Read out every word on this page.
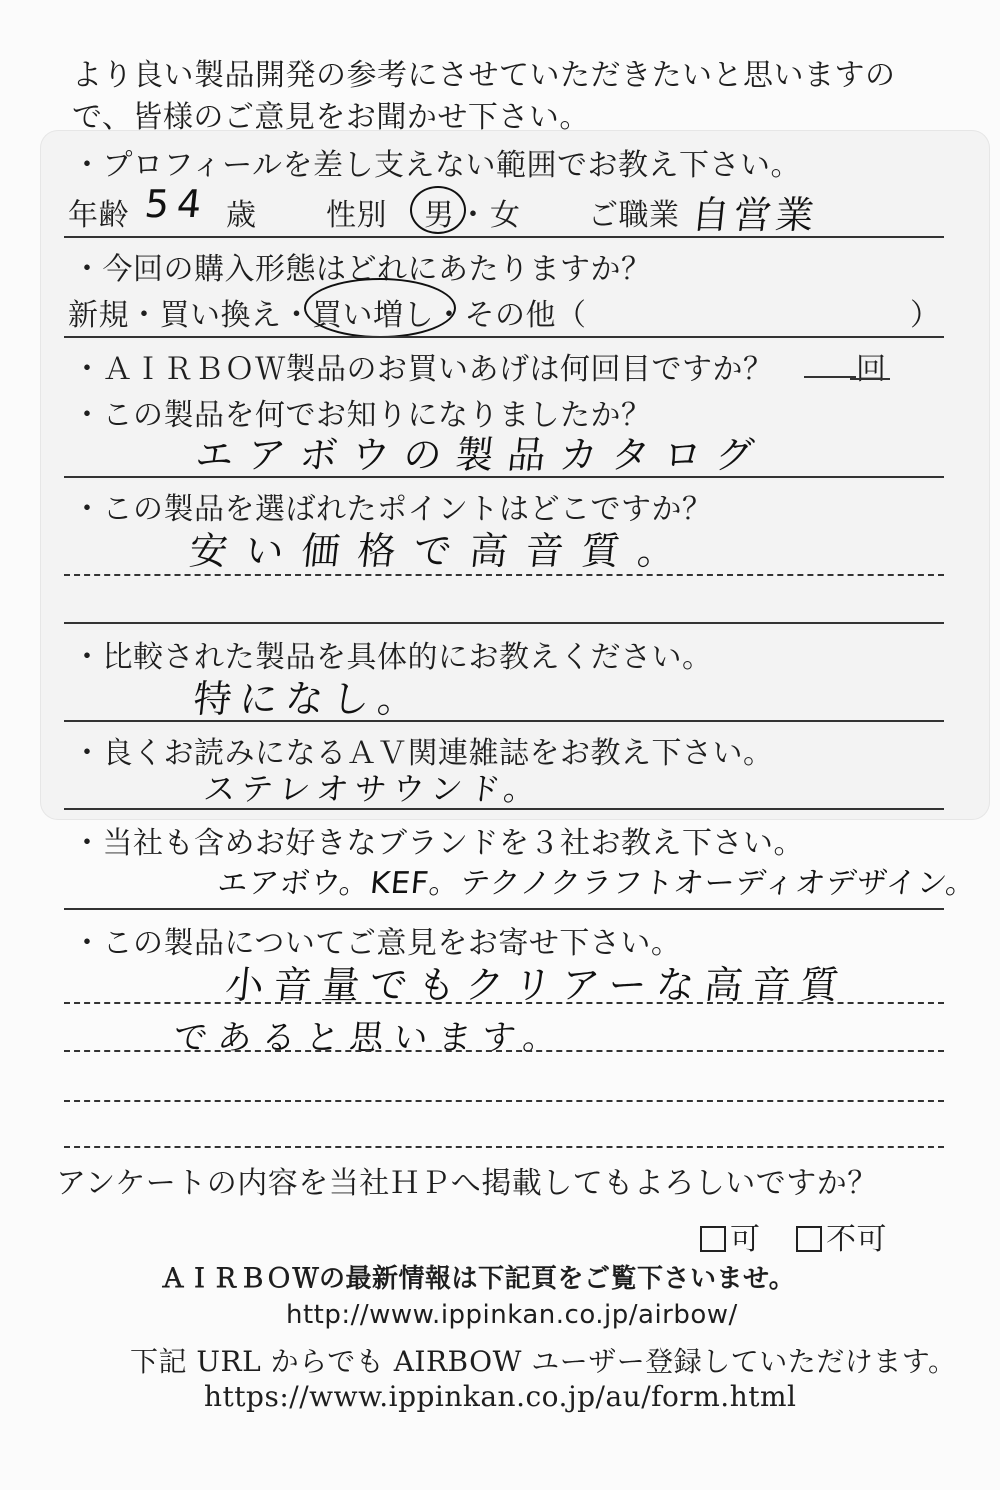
より良い製品開発の参考にさせていただきたいと思いますの
で、皆様のご意見をお聞かせ下さい。
・プロフィールを差し支えない範囲でお教え下さい。
年齢 54 歳 性別 男 ・ 女 ご職業 自営業
・今回の購入形態はどれにあたりますか？
新規・買い換え・買い増し・その他（	）
・ＡＩＲＢＯＷ製品のお買いあげは何回目ですか？	回
・この製品を何でお知りになりましたか？
エアボウの製品カタログ
・この製品を選ばれたポイントはどこですか？
安い価格で高音質。
・比較された製品を具体的にお教えください。
特になし。
・良くお読みになるＡＶ関連雑誌をお教え下さい。
ステレオサウンド。
・当社も含めお好きなブランドを３社お教え下さい。
エアボウ。KEF。テクノクラフトオーディオデザイン。
・この製品についてご意見をお寄せ下さい。
小音量でもクリアーな高音質
であると思います。
アンケートの内容を当社ＨＰへ掲載してもよろしいですか？
可	不可
ＡＩＲＢＯＷの最新情報は下記頁をご覧下さいませ。
http://www.ippinkan.co.jp/airbow/
下記 URL からでも AIRBOW ユーザー登録していただけます。
https://www.ippinkan.co.jp/au/form.html
